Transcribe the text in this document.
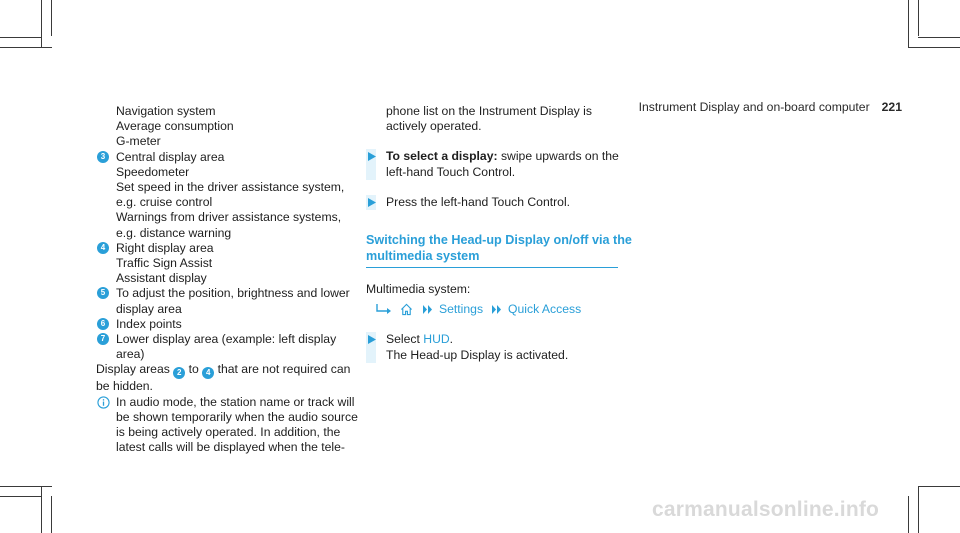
Instrument Display and on-board computer 221
Navigation system
Average consumption
G-meter
3 Central display area
Speedometer
Set speed in the driver assistance system,
e.g. cruise control
Warnings from driver assistance systems,
e.g. distance warning
4 Right display area
Traffic Sign Assist
Assistant display
5 To adjust the position, brightness and lower
display area
6 Index points
7 Lower display area (example: left display
area)
Display areas 2 to 4 that are not required can
be hidden.
In audio mode, the station name or track will
be shown temporarily when the audio source
is being actively operated. In addition, the
latest calls will be displayed when the tele-
phone list on the Instrument Display is
actively operated.
To select a display: swipe upwards on the
left-hand Touch Control.
Press the left-hand Touch Control.
Switching the Head-up Display on/off via the
multimedia system
Multimedia system:
Settings Quick Access
Select HUD.
The Head-up Display is activated.
carmanualsonline.info
